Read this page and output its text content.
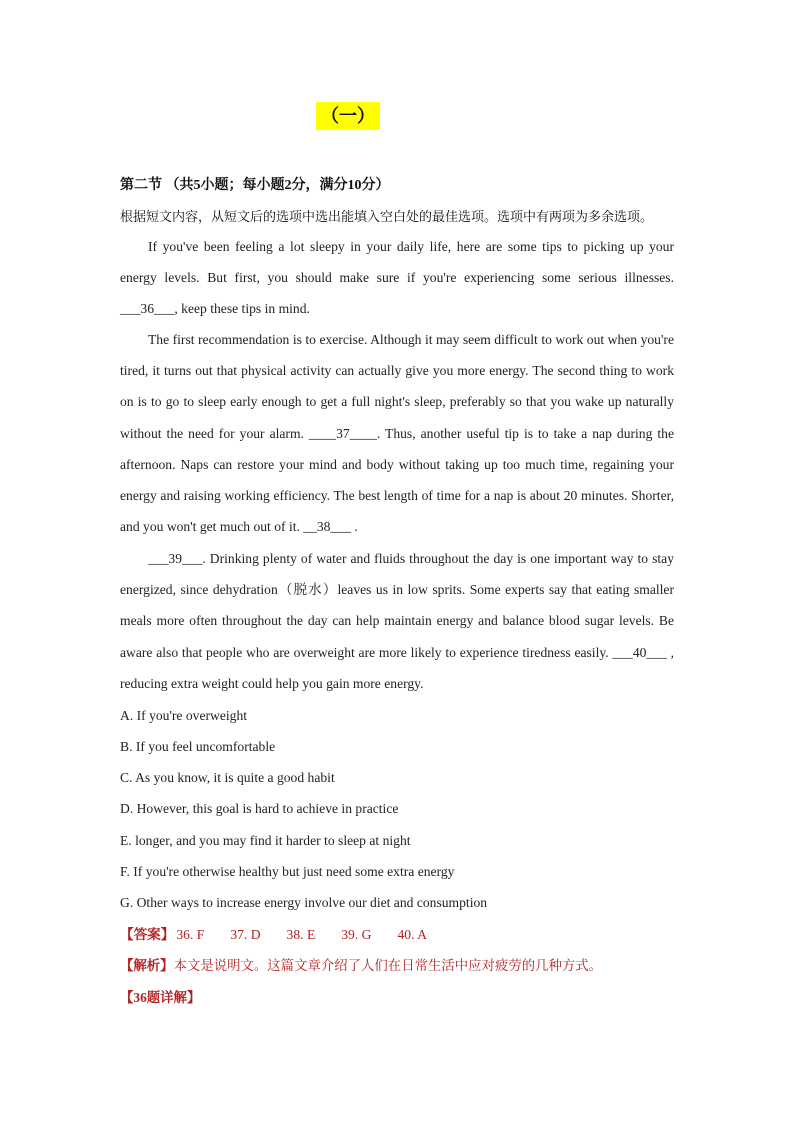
（一）
第二节 （共5小题；每小题2分，满分10分）
根据短文内容，从短文后的选项中选出能填入空白处的最佳选项。选项中有两项为多余选项。

If you've been feeling a lot sleepy in your daily life, here are some tips to picking up your energy levels. But first, you should make sure if you're experiencing some serious illnesses. ___36___, keep these tips in mind.

The first recommendation is to exercise. Although it may seem difficult to work out when you're tired, it turns out that physical activity can actually give you more energy. The second thing to work on is to go to sleep early enough to get a full night's sleep, preferably so that you wake up naturally without the need for your alarm. ____37____. Thus, another useful tip is to take a nap during the afternoon. Naps can restore your mind and body without taking up too much time, regaining your energy and raising working efficiency. The best length of time for a nap is about 20 minutes. Shorter, and you won't get much out of it. __38___ .

___39___. Drinking plenty of water and fluids throughout the day is one important way to stay energized, since dehydration（脱水）leaves us in low sprits. Some experts say that eating smaller meals more often throughout the day can help maintain energy and balance blood sugar levels. Be aware also that people who are overweight are more likely to experience tiredness easily. ___40___ , reducing extra weight could help you gain more energy.

A. If you're overweight
B. If you feel uncomfortable
C. As you know, it is quite a good habit
D. However, this goal is hard to achieve in practice
E. longer, and you may find it harder to sleep at night
F. If you're otherwise healthy but just need some extra energy
G. Other ways to increase energy involve our diet and consumption
【答案】 36. F 37. D 38. E 39. G 40. A
【解析】本文是说明文。这篇文章介绍了人们在日常生活中应对疲劳的几种方式。
【36题详解】
